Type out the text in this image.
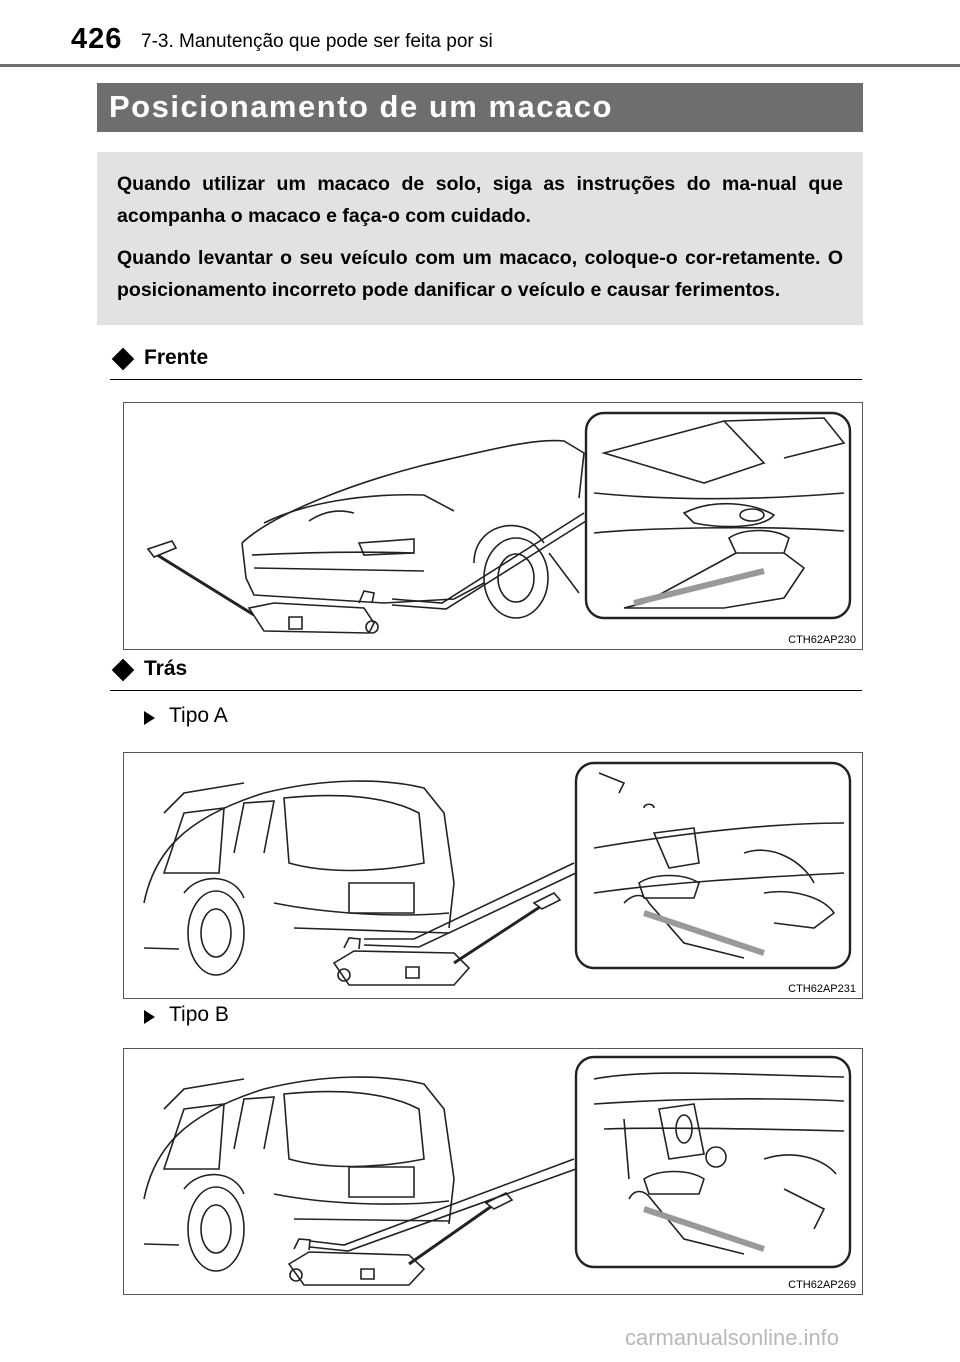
426 7-3. Manutenção que pode ser feita por si
Posicionamento de um macaco

Quando utilizar um macaco de solo, siga as instruções do ma-nual que acompanha o macaco e faça-o com cuidado.

Quando levantar o seu veículo com um macaco, coloque-o cor-retamente. O posicionamento incorreto pode danificar o veículo e causar ferimentos.

Frente
CTH62AP230
Trás
Tipo A
CTH62AP231
Tipo B
CTH62AP269
carmanualsonline.info
